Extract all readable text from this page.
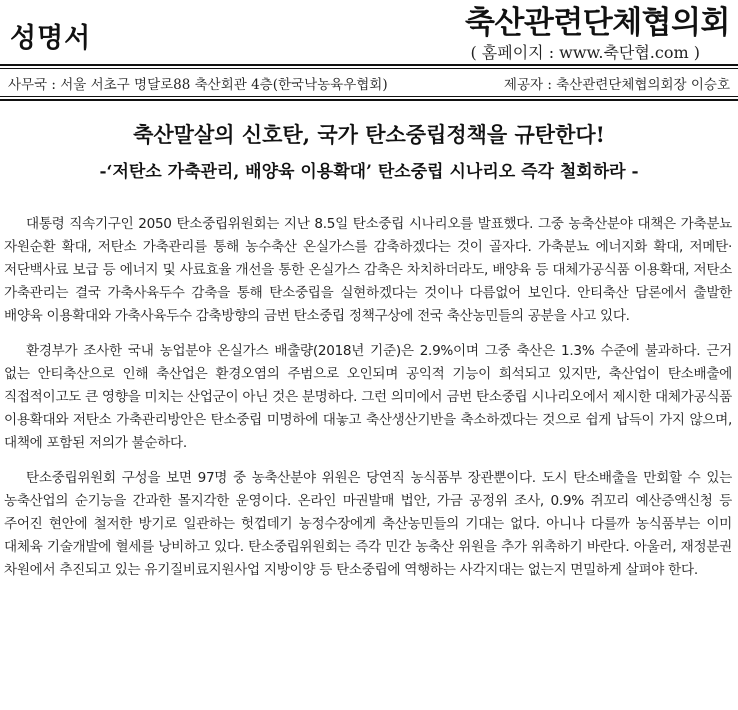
성명서	축산관련단체협의회
( 홈페이지 : www.축단협.com )
사무국 : 서울 서초구 명달로88 축산회관 4층(한국낙농육우협회)	제공자 : 축산관련단체협의회장 이승호
축산말살의 신호탄, 국가 탄소중립정책을 규탄한다!
-‘저탄소 가축관리, 배양육 이용확대’ 탄소중립 시나리오 즉각 철회하라 -

대통령 직속기구인 2050 탄소중립위원회는 지난 8.5일 탄소중립 시나리오를 발표했다. 그중 농축산분야 대책은 가축분뇨 자원순환 확대, 저탄소 가축관리를 통해 농수축산 온실가스를 감축하겠다는 것이 골자다. 가축분뇨 에너지화 확대, 저메탄·저단백사료 보급 등 에너지 및 사료효율 개선을 통한 온실가스 감축은 차치하더라도, 배양육 등 대체가공식품 이용확대, 저탄소 가축관리는 결국 가축사육두수 감축을 통해 탄소중립을 실현하겠다는 것이나 다름없어 보인다. 안티축산 담론에서 출발한 배양육 이용확대와 가축사육두수 감축방향의 금번 탄소중립 정책구상에 전국 축산농민들의 공분을 사고 있다.

환경부가 조사한 국내 농업분야 온실가스 배출량(2018년 기준)은 2.9%이며 그중 축산은 1.3% 수준에 불과하다. 근거 없는 안티축산으로 인해 축산업은 환경오염의 주범으로 오인되며 공익적 기능이 희석되고 있지만, 축산업이 탄소배출에 직접적이고도 큰 영향을 미치는 산업군이 아닌 것은 분명하다. 그런 의미에서 금번 탄소중립 시나리오에서 제시한 대체가공식품 이용확대와 저탄소 가축관리방안은 탄소중립 미명하에 대놓고 축산생산기반을 축소하겠다는 것으로 쉽게 납득이 가지 않으며, 대책에 포함된 저의가 불순하다.

탄소중립위원회 구성을 보면 97명 중 농축산분야 위원은 당연직 농식품부 장관뿐이다. 도시 탄소배출을 만회할 수 있는 농축산업의 순기능을 간과한 몰지각한 운영이다. 온라인 마권발매 법안, 가금 공정위 조사, 0.9% 쥐꼬리 예산증액신청 등 주어진 현안에 철저한 방기로 일관하는 헛껍데기 농정수장에게 축산농민들의 기대는 없다. 아니나 다를까 농식품부는 이미 대체육 기술개발에 혈세를 낭비하고 있다. 탄소중립위원회는 즉각 민간 농축산 위원을 추가 위촉하기 바란다. 아울러, 재정분권 차원에서 추진되고 있는 유기질비료지원사업 지방이양 등 탄소중립에 역행하는 사각지대는 없는지 면밀하게 살펴야 한다.
